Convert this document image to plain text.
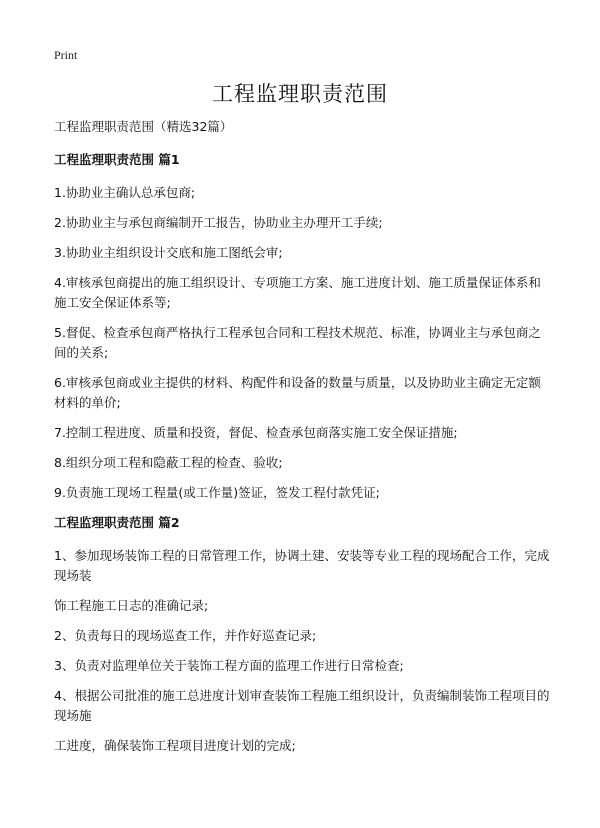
Print
工程监理职责范围
工程监理职责范围（精选32篇）
工程监理职责范围 篇1
1.协助业主确认总承包商;
2.协助业主与承包商编制开工报告，协助业主办理开工手续;
3.协助业主组织设计交底和施工图纸会审;
4.审核承包商提出的施工组织设计、专项施工方案、施工进度计划、施工质量保证体系和施工安全保证体系等;
5.督促、检查承包商严格执行工程承包合同和工程技术规范、标准，协调业主与承包商之间的关系;
6.审核承包商或业主提供的材料、构配件和设备的数量与质量，以及协助业主确定无定额材料的单价;
7.控制工程进度、质量和投资，督促、检查承包商落实施工安全保证措施;
8.组织分项工程和隐蔽工程的检查、验收;
9.负责施工现场工程量(或工作量)签证，签发工程付款凭证;
工程监理职责范围 篇2
1、参加现场装饰工程的日常管理工作，协调土建、安装等专业工程的现场配合工作，完成现场装
饰工程施工日志的准确记录;
2、负责每日的现场巡查工作，并作好巡查记录;
3、负责对监理单位关于装饰工程方面的监理工作进行日常检查;
4、根据公司批准的施工总进度计划审查装饰工程施工组织设计，负责编制装饰工程项目的现场施
工进度，确保装饰工程项目进度计划的完成;
